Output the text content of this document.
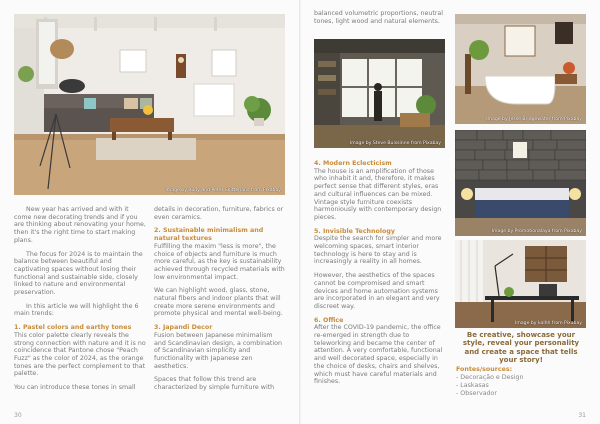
Image by Rudy and Peter Skitterians from Pixabay

New year has arrived and with it come new decorating trends and if you are thinking about renovating your home, then it's the right time to start making plans.

The focus for 2024 is to maintain the balance between beautiful and captivating spaces without losing their functional and sustainable side, closely linked to nature and environmental preservation.

In this article we will highlight the 6 main trends:

1. Pastel colors and earthy tones

This color palette clearly reveals the strong connection with nature and it is no coincidence that Pantone chose "Peach Fuzz" as the color of 2024, as the orange tones are the perfect complement to that palette.

You can introduce these tones in small

details in decoration, furniture, fabrics or even ceramics.

2. Sustainable minimalism and natural textures

Fulfilling the maxim "less is more", the choice of objects and furniture is much more careful, as the key is sustainability achieved through recycled materials with low environmental impact.

We can highlight wood, glass, stone, natural fibers and indoor plants that will create more serene environments and promote physical and mental well-being.

3. Japandi Decor

Fusion between Japanese minimalism and Scandinavian design, a combination of Scandinavian simplicity and functionality with Japanese zen aesthetics.

Spaces that follow this trend are characterized by simple furniture with

30

balanced volumetric proportions, neutral tones, light wood and natural elements.

Image by Steve Buissinne from Pixabay
4. Modern Eclecticism

The house is an amplification of those who inhabit it and, therefore, it makes perfect sense that different styles, eras and cultural influences can be mixed. Vintage style furniture coexists harmoniously with contemporary design pieces.

5. Invisible Technology

Despite the search for simpler and more welcoming spaces, smart interior technology is here to stay and is increasingly a reality in all homes.

However, the aesthetics of the spaces cannot be compromised and smart devices and home automation systems are incorporated in an elegant and very discreet way.

6. Office

After the COVID-19 pandemic, the office re-emerged in strength due to teleworking and became the center of attention. A very comfortable, functional and well decorated space, especially in the choice of desks, chairs and shelves, which must have careful materials and finishes.

Image by Jesse Bridgewater from Pixabay
Image by Promotionalaya from Pixabay
Image by kalhh from Pixabay
Be creative, showcase your style, reveal your personality and create a space that tells your story!
Fontes/sources:
- Decoração e Design
- Laskasas
- Observador
31
